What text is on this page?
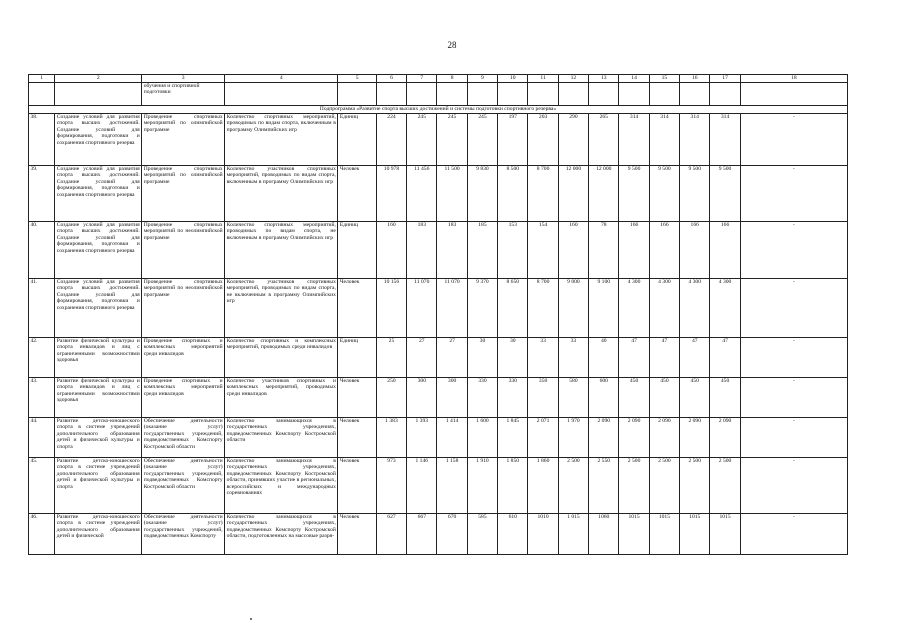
28
1	2	3	4	5	6	7	8	9	10	11	12	13	14	15	16	17	18
		обучения и спортивной подготовки															
Подпрограмма «Развитие спорта высших достижений и системы подготовки спортивного резерва»																	
38.	Создание условий для развития спорта высших достижений. Создание условий для формирования, подготовки и сохранения спортивного резерва	Проведение спортивных мероприятий по олимпийской программе	Количество спортивных мероприятий, проводимых по видам спорта, включенным в программу Олимпийских игр	Единиц	224	245	245	245	197	203	290	265	314	314	314	314	-
39.	Создание условий для развития спорта высших достижений. Создание условий для формирования, подготовки и сохранения спортивного резерва	Проведение спортивных мероприятий по олимпийской программе	Количество участников спортивных мероприятий, проводимых по видам спорта, включенным в программу Олимпийских игр	Человек	10 978	11 456	11 500	9 830	8 500	8 700	12 000	12 000	9 500	9 500	9 500	9 500	-
40.	Создание условий для развития спорта высших достижений. Создание условий для формирования, подготовки и сохранения спортивного резерва	Проведение спортивных мероприятий по неолимпийской программе	Количество спортивных мероприятий, проводимых по видам спорта, не включенным в программу Олимпийских игр	Единиц	160	183	183	185	153	154	160	78	166	166	166	166	-
41.	Создание условий для развития спорта высших достижений. Создание условий для формирования, подготовки и сохранения спортивного резерва	Проведение спортивных мероприятий по неолимпийской программе	Количество участников спортивных мероприятий, проводимых по видам спорта, не включенным в программу Олимпийских игр	Человек	10 156	11 070	11 070	9 370	8 650	8 700	9 000	9 100	4 300	4 300	4 300	4 300	-
42.	Развитие физической культуры и спорта инвалидов и лиц с ограниченными возможностями здоровья	Проведение спортивных и комплексных мероприятий среди инвалидов	Количество спортивных и комплексных мероприятий, проводимых среди инвалидов	Единиц	25	27	27	30	30	33	33	40	47	47	47	47	-
43.	Развитие физической культуры и спорта инвалидов и лиц с ограниченными возможностями здоровья	Проведение спортивных и комплексных мероприятий среди инвалидов	Количество участников спортивных и комплексных мероприятий, проводимых среди инвалидов	Человек	250	300	300	330	330	350	580	600	450	450	450	450	-
44.	Развитие детско-юношеского спорта в системе учреждений дополнительного образования детей и физической культуры и спорта	Обеспечение деятельности (оказание услуг) государственных учреждений, подведомственных Комспорту Костромской области	Количество занимающихся в государственных учреждениях, подведомственных Комспорту Костромской области	Человек	1 383	1 393	1 414	1 600	1 845	2 071	1 970	2 090	2 090	2 090	2 090	2 090	-
45.	Развитие детско-юношеского спорта в системе учреждений дополнительного образования детей и физической культуры и спорта	Обеспечение деятельности (оказание услуг) государственных учреждений, подведомственных Комспорту Костромской области	Количество занимающихся в государственных учреждениях, подведомственных Комспорту Костромской области, принявших участие в региональных, всероссийских и международных соревнованиях	Человек	973	1 146	1 158	1 910	1 850	1 860	2 500	2 550	2 500	2 500	2 500	2 500	-
46.	Развитие детско-юношеского спорта в системе учреждений дополнительного образования детей и физической	Обеспечение деятельности (оказание услуг) государственных учреждений, подведомственных Комспорту	Количество занимающихся в государственных учреждениях, подведомственных Комспорту Костромской области, подготовленных на массовые разря-	Человек	627	667	670	585	610	1010	1 015	1060	1015	1015	1015	1015	-
